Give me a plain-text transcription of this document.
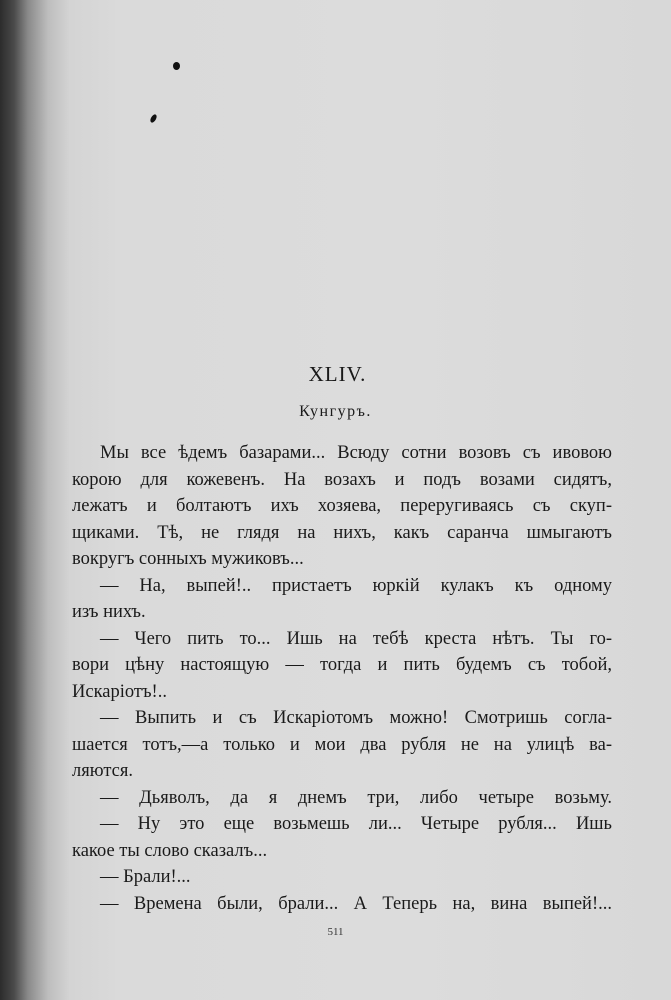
XLIV.
Кунгуръ.
Мы все ѣдемъ базарами... Всюду сотни возовъ съ ивовою
корою для кожевенъ. На возахъ и подъ возами сидятъ,
лежатъ и болтаютъ ихъ хозяева, переругиваясь съ скуп-
щиками. Тѣ, не глядя на нихъ, какъ саранча шмыгаютъ
вокругъ сонныхъ мужиковъ...
— На, выпей!.. пристаетъ юркій кулакъ къ одному
изъ нихъ.
— Чего пить то... Ишь на тебѣ креста нѣтъ. Ты го-
вори цѣну настоящую — тогда и пить будемъ съ тобой,
Искаріотъ!..
— Выпить и съ Искаріотомъ можно! Смотришь согла-
шается тотъ,—а только и мои два рубля не на улицѣ ва-
ляются.
— Дьяволъ, да я днемъ три, либо четыре возьму.
— Ну это еще возьмешь ли... Четыре рубля... Ишь
какое ты слово сказалъ...
— Брали!...
— Времена были, брали... А Теперь на, вина выпей!...
511
